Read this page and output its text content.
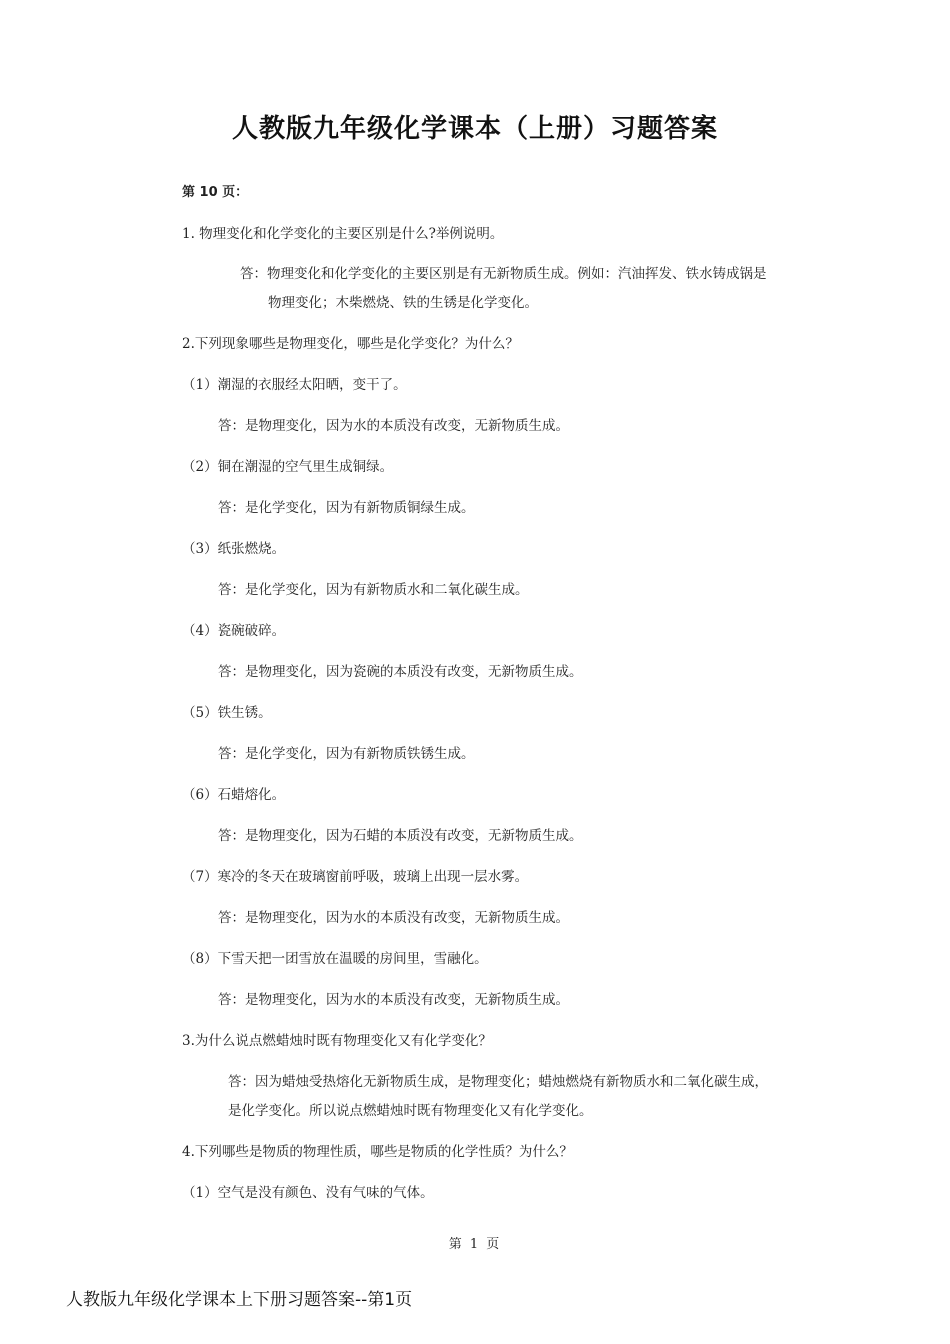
人教版九年级化学课本（上册）习题答案
第 10 页：
1. 物理变化和化学变化的主要区别是什么?举例说明。
答：物理变化和化学变化的主要区别是有无新物质生成。例如：汽油挥发、铁水铸成锅是
物理变化；木柴燃烧、铁的生锈是化学变化。
2.下列现象哪些是物理变化，哪些是化学变化？为什么？
（1）潮湿的衣服经太阳晒，变干了。
答：是物理变化，因为水的本质没有改变，无新物质生成。
（2）铜在潮湿的空气里生成铜绿。
答：是化学变化，因为有新物质铜绿生成。
（3）纸张燃烧。
答：是化学变化，因为有新物质水和二氧化碳生成。
（4）瓷碗破碎。
答：是物理变化，因为瓷碗的本质没有改变，无新物质生成。
（5）铁生锈。
答：是化学变化，因为有新物质铁锈生成。
（6）石蜡熔化。
答：是物理变化，因为石蜡的本质没有改变，无新物质生成。
（7）寒冷的冬天在玻璃窗前呼吸，玻璃上出现一层水雾。
答：是物理变化，因为水的本质没有改变，无新物质生成。
（8）下雪天把一团雪放在温暖的房间里，雪融化。
答：是物理变化，因为水的本质没有改变，无新物质生成。
3.为什么说点燃蜡烛时既有物理变化又有化学变化？
答：因为蜡烛受热熔化无新物质生成，是物理变化；蜡烛燃烧有新物质水和二氧化碳生成，
是化学变化。所以说点燃蜡烛时既有物理变化又有化学变化。
4.下列哪些是物质的物理性质，哪些是物质的化学性质？为什么？
（1）空气是没有颜色、没有气味的气体。
第 1 页
人教版九年级化学课本上下册习题答案--第1页
